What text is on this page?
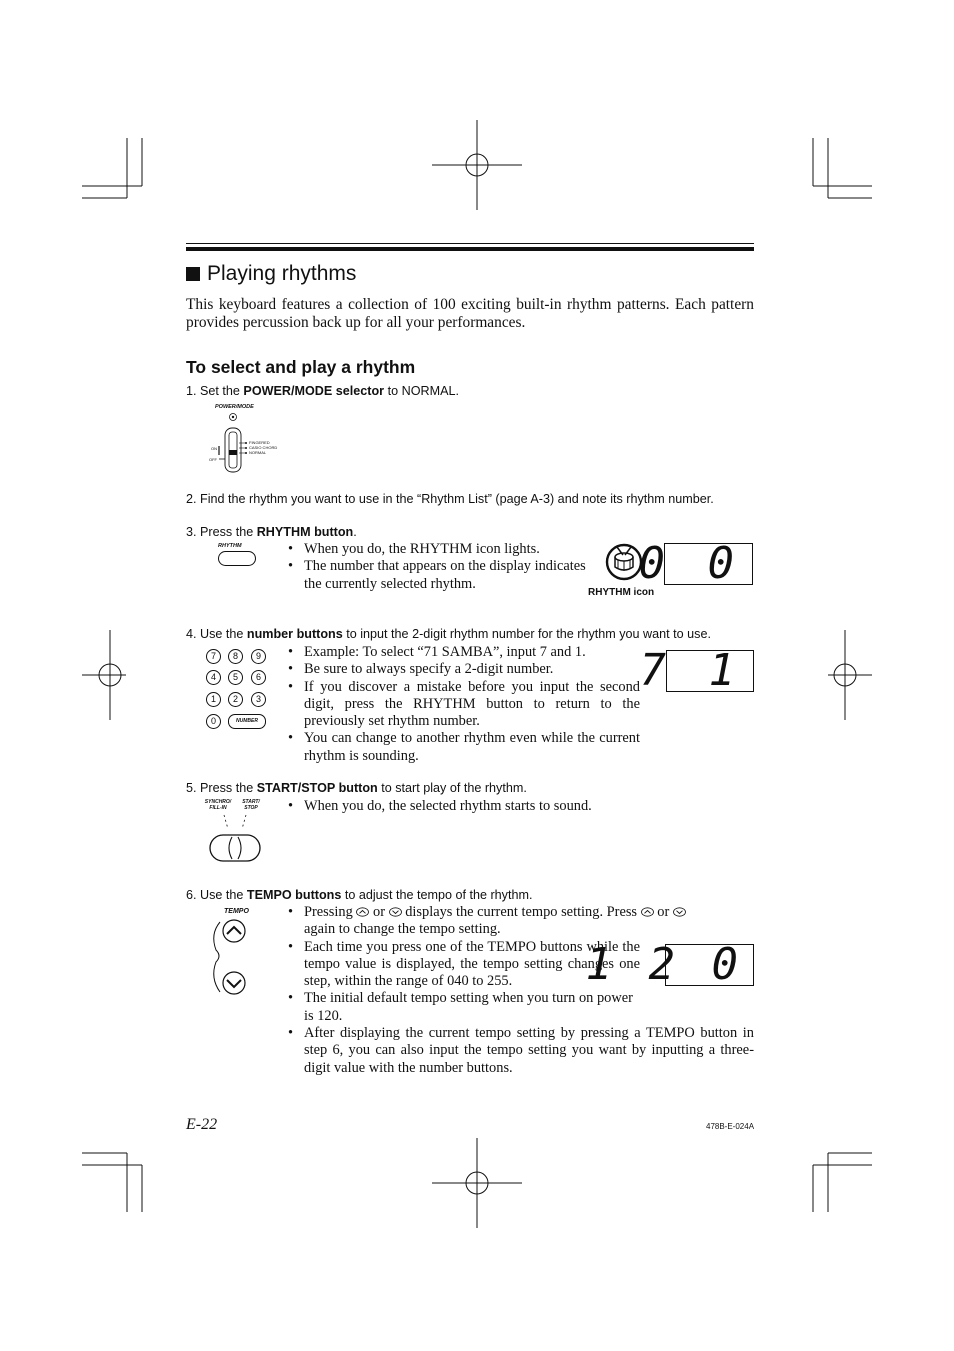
Playing rhythms
This keyboard features a collection of 100 exciting built-in rhythm patterns. Each pattern provides percussion back up for all your performances.
To select and play a rhythm
1. Set the POWER/MODE selector to NORMAL.
POWER/MODE
ON
OFF
FINGERED
CASIO CHORD
NORMAL
2. Find the rhythm you want to use in the “Rhythm List” (page A-3) and note its rhythm number.
3. Press the RHYTHM button.
RHYTHM	• When you do, the RHYTHM icon lights.
• The number that appears on the display indicates the currently selected rhythm.
RHYTHM icon
0 0
4. Use the number buttons to input the 2-digit rhythm number for the rhythm you want to use.
7	8	9
4	5	6
1	2	3
0	NUMBER
• Example: To select “71 SAMBA”, input 7 and 1.
• Be sure to always specify a 2-digit number.
• If you discover a mistake before you input the second digit, press the RHYTHM button to return to the previously set rhythm number.
• You can change to another rhythm even while the current rhythm is sounding.
7 1
5. Press the START/STOP button to start play of the rhythm.
SYNCHRO/
FILL-IN
START/
STOP	• When you do, the selected rhythm starts to sound.
6. Use the TEMPO buttons to adjust the tempo of the rhythm.
TEMPO	• Pressing or displays the current tempo setting. Press or
again to change the tempo setting.
• Each time you press one of the TEMPO buttons while the tempo value is displayed, the tempo setting changes one step, within the range of 040 to 255.
• The initial default tempo setting when you turn on power is 120.
• After displaying the current tempo setting by pressing a TEMPO button in step 6, you can also input the tempo setting you want by inputting a three-digit value with the number buttons.
1 2 0
E-22	478B-E-024A
